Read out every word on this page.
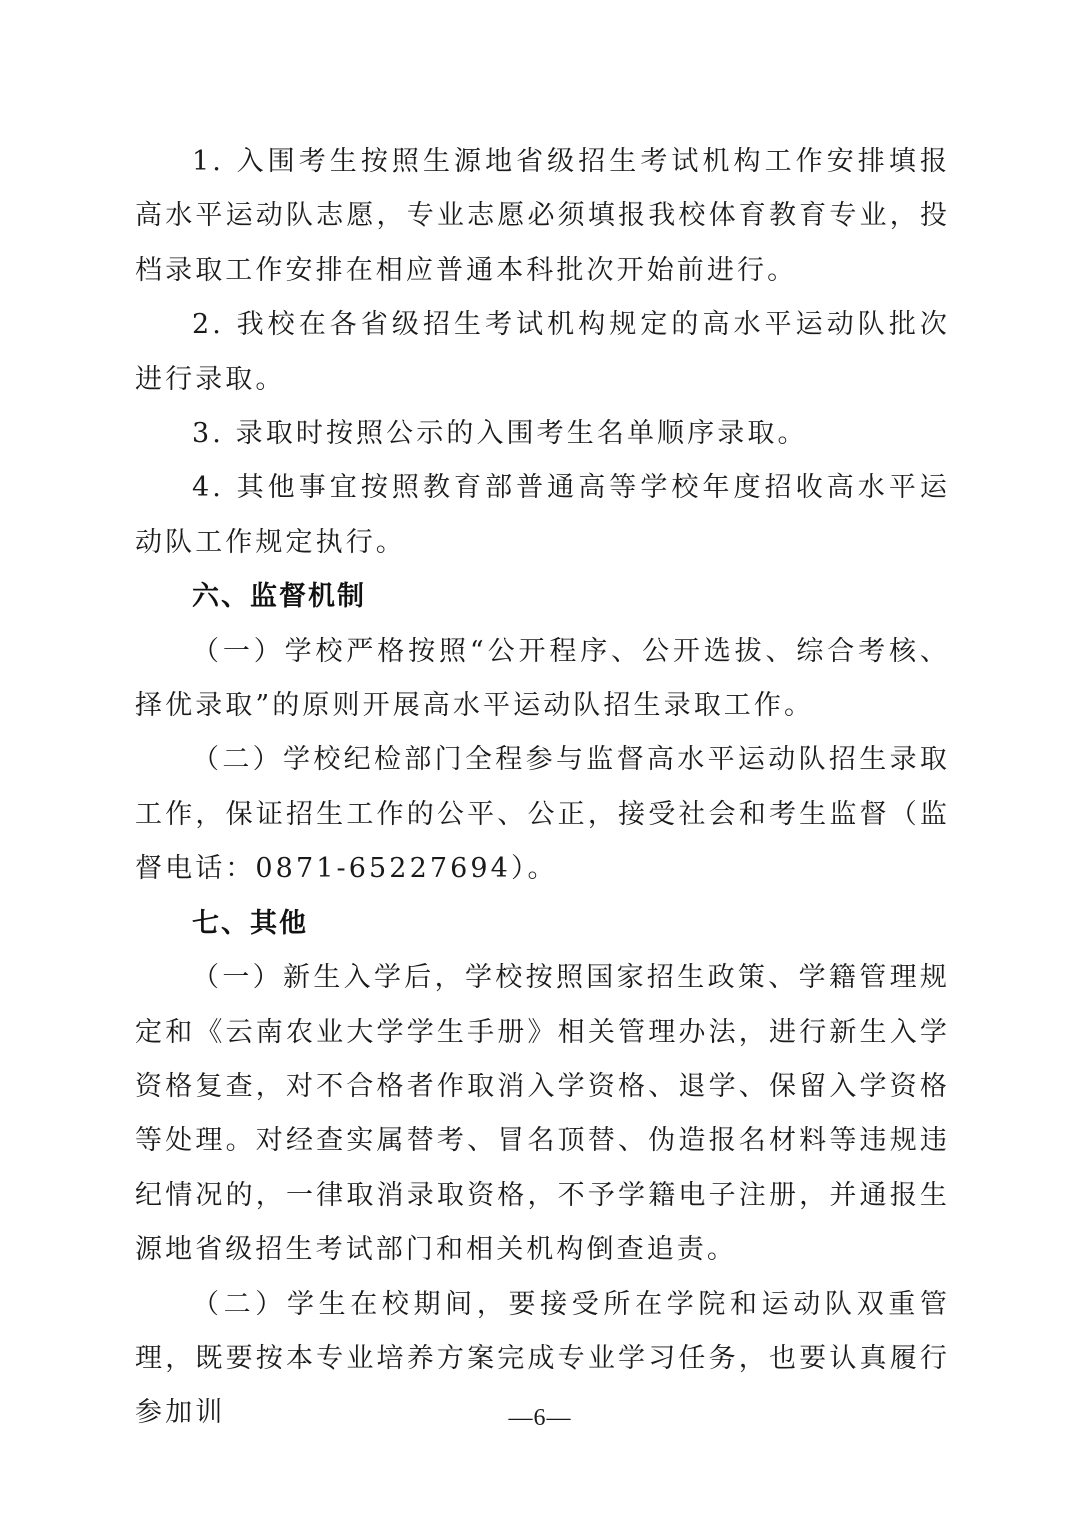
1. 入围考生按照生源地省级招生考试机构工作安排填报高水平运动队志愿，专业志愿必须填报我校体育教育专业，投档录取工作安排在相应普通本科批次开始前进行。

2. 我校在各省级招生考试机构规定的高水平运动队批次进行录取。

3. 录取时按照公示的入围考生名单顺序录取。

4. 其他事宜按照教育部普通高等学校年度招收高水平运动队工作规定执行。

六、监督机制

（一）学校严格按照“公开程序、公开选拔、综合考核、择优录取”的原则开展高水平运动队招生录取工作。

（二）学校纪检部门全程参与监督高水平运动队招生录取工作，保证招生工作的公平、公正，接受社会和考生监督（监督电话：0871-65227694）。

七、其他

（一）新生入学后，学校按照国家招生政策、学籍管理规定和《云南农业大学学生手册》相关管理办法，进行新生入学资格复查，对不合格者作取消入学资格、退学、保留入学资格等处理。对经查实属替考、冒名顶替、伪造报名材料等违规违纪情况的，一律取消录取资格，不予学籍电子注册，并通报生源地省级招生考试部门和相关机构倒查追责。

（二）学生在校期间，要接受所在学院和运动队双重管理，既要按本专业培养方案完成专业学习任务，也要认真履行参加训	—6—
